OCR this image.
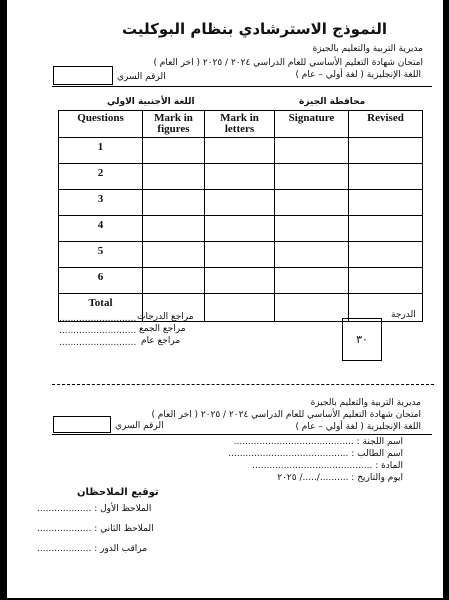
النموذج الاسترشادي بنظام البوكليت
مديرية التربية والتعليم بالجيزة
امتحان شهادة التعليم الأساسي للعام الدراسي ٢٠٢٤ / ٢٠٢٥ ( اخر العام )
اللغة الإنجليزية ( لغة أولي – عام )
الرقم السري
اللغة الأجنبية الاولي	محافظة الجيزة
Questions	Mark in figures	Mark in letters	Signature	Revised
1				
2				
3				
4				
5				
6				
Total				
مراجع الدرجات
...........................
مراجع الجمع
...........................
مراجع عام
...........................
الدرجة
٣٠
مديرية التربية والتعليم بالجيزة
امتحان شهادة التعليم الأساسي للعام الدراسي ٢٠٢٤ / ٢٠٢٥ ( اخر العام )
اللغة الإنجليزية ( لغة أولي – عام )
الرقم السري
اسم اللجنة : ..........................................
اسم الطالب : ..........................................
المادة : ..........................................
ايوم والتاريخ : ........../...../ ٢٠٢٥
توقيع الملاحظان
الملاحظ الأول : ...................
الملاحظ الثاني : ...................
مراقب الدور : ...................
